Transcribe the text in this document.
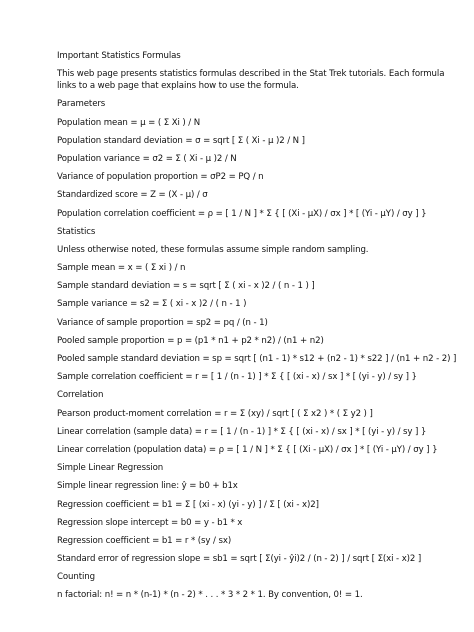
Important Statistics Formulas
This web page presents statistics formulas described in the Stat Trek tutorials. Each formula links to a web page that explains how to use the formula.
Parameters
Population mean = μ = ( Σ Xi ) / N
Population standard deviation = σ = sqrt [ Σ ( Xi - μ )2 / N ]
Population variance = σ2 = Σ ( Xi - μ )2 / N
Variance of population proportion = σP2 = PQ / n
Standardized score = Z = (X - μ) / σ
Population correlation coefficient = ρ = [ 1 / N ] * Σ { [ (Xi - μX) / σx ] * [ (Yi - μY) / σy ] }
Statistics
Unless otherwise noted, these formulas assume simple random sampling.
Sample mean = x = ( Σ xi ) / n
Sample standard deviation = s = sqrt [ Σ ( xi - x )2 / ( n - 1 ) ]
Sample variance = s2 = Σ ( xi - x )2 / ( n - 1 )
Variance of sample proportion = sp2 = pq / (n - 1)
Pooled sample proportion = p = (p1 * n1 + p2 * n2) / (n1 + n2)
Pooled sample standard deviation = sp = sqrt [ (n1 - 1) * s12 + (n2 - 1) * s22 ] / (n1 + n2 - 2) ]
Sample correlation coefficient = r = [ 1 / (n - 1) ] * Σ { [ (xi - x) / sx ] * [ (yi - y) / sy ] }
Correlation
Pearson product-moment correlation = r = Σ (xy) / sqrt [ ( Σ x2 ) * ( Σ y2 ) ]
Linear correlation (sample data) = r = [ 1 / (n - 1) ] * Σ { [ (xi - x) / sx ] * [ (yi - y) / sy ] }
Linear correlation (population data) = ρ = [ 1 / N ] * Σ { [ (Xi - μX) / σx ] * [ (Yi - μY) / σy ] }
Simple Linear Regression
Simple linear regression line: ŷ = b0 + b1x
Regression coefficient = b1 = Σ [ (xi - x) (yi - y) ] / Σ [ (xi - x)2]
Regression slope intercept = b0 = y - b1 * x
Regression coefficient = b1 = r * (sy / sx)
Standard error of regression slope = sb1 = sqrt [ Σ(yi - ŷi)2 / (n - 2) ] / sqrt [ Σ(xi - x)2 ]
Counting
n factorial: n! = n * (n-1) * (n - 2) * . . . * 3 * 2 * 1. By convention, 0! = 1.
